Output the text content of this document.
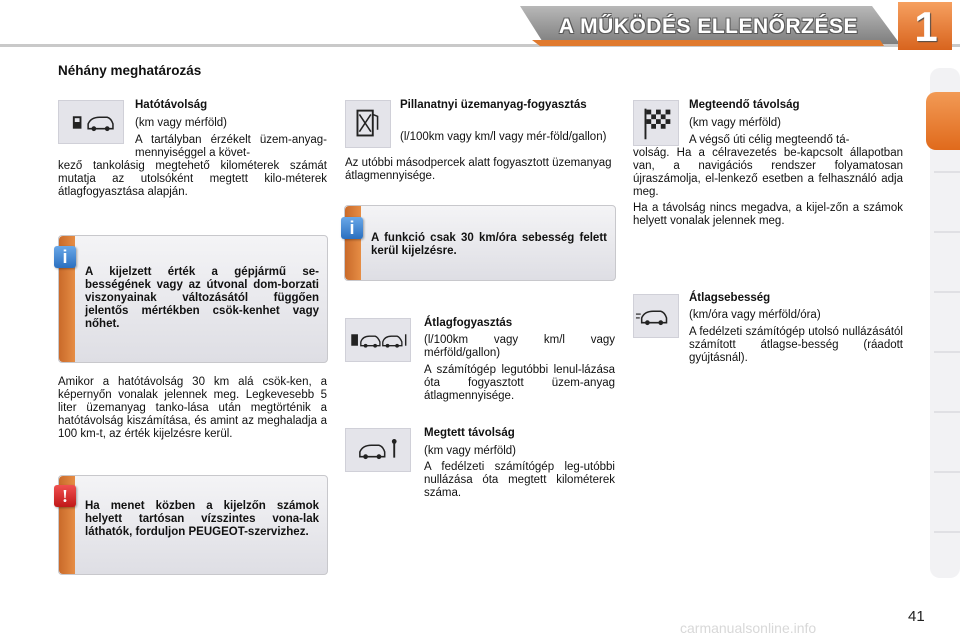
A MŰKÖDÉS ELLENŐRZÉSE 1
Néhány meghatározás
Hatótávolság
(km vagy mérföld)
A tartályban érzékelt üzem-anyag-mennyiséggel a követ-
kező tankolásig megtehető kilométerek számát mutatja az utolsóként megtett kilo-méterek átlagfogyasztása alapján.
A kijelzett érték a gépjármű se-bességének vagy az útvonal dom-borzati viszonyainak változásától függően jelentős mértékben csök-kenhet vagy nőhet.
i
Amikor a hatótávolság 30 km alá csök-ken, a képernyőn vonalak jelennek meg. Legkevesebb 5 liter üzemanyag tanko-lása után megtörténik a hatótávolság kiszámítása, és amint az meghaladja a 100 km-t, az érték kijelzésre kerül.
Ha menet közben a kijelzőn számok helyett tartósan vízszintes vona-lak láthatók, forduljon PEUGEOT-szervizhez.
!
Pillanatnyi üzemanyag-fogyasztás
(l/100km vagy km/l vagy mér-föld/gallon)
Az utóbbi másodpercek alatt fogyasztott üzemanyag átlagmennyisége.
A funkció csak 30 km/óra sebesség felett kerül kijelzésre.
i
Átlagfogyasztás
(l/100km vagy km/l vagy mérföld/gallon)
A számítógép legutóbbi lenul-lázása óta fogyasztott üzem-anyag átlagmennyisége.
Megtett távolság
(km vagy mérföld)
A fedélzeti számítógép leg-utóbbi nullázása óta megtett kilométerek száma.
Megteendő távolság
(km vagy mérföld)
A végső úti célig megteendő tá-
volság. Ha a célravezetés be-kapcsolt állapotban van, a navigációs rendszer folyamatosan újraszámolja, el-lenkező esetben a felhasználó adja meg.
Ha a távolság nincs megadva, a kijel-zőn a számok helyett vonalak jelennek meg.
Átlagsebesség
(km/óra vagy mérföld/óra)
A fedélzeti számítógép utolsó nullázásától számított átlagse-besség (ráadott gyújtásnál).
41
carmanualsonline.info
